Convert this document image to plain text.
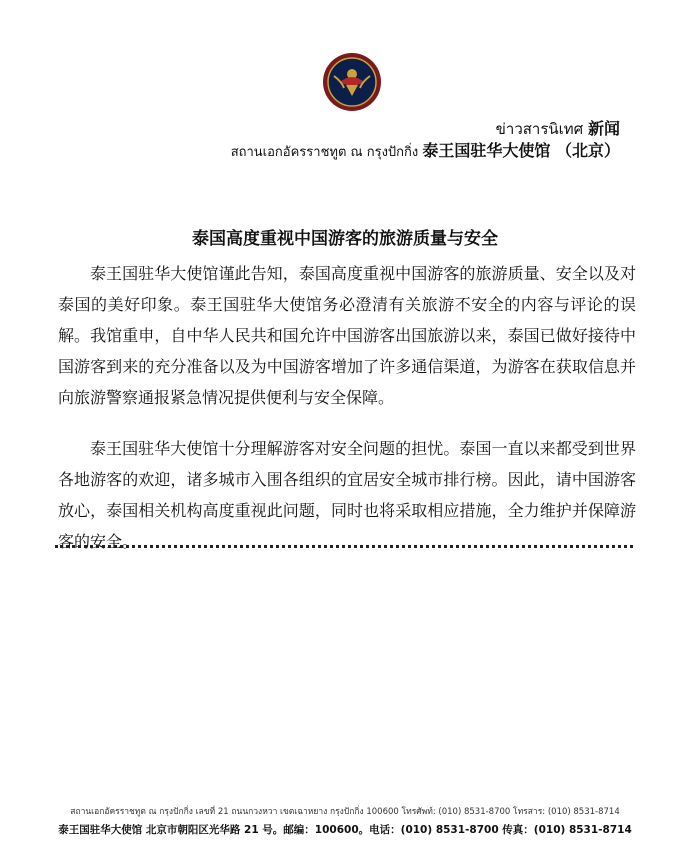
ข่าวสารนิเทศ 新闻
สถานเอกอัครราชทูต ณ กรุงปักกิ่ง 泰王国驻华大使馆 （北京）
泰国高度重视中国游客的旅游质量与安全
泰王国驻华大使馆谨此告知，泰国高度重视中国游客的旅游质量、安全以及对泰国的美好印象。泰王国驻华大使馆务必澄清有关旅游不安全的内容与评论的误解。我馆重申，自中华人民共和国允许中国游客出国旅游以来，泰国已做好接待中国游客到来的充分准备以及为中国游客增加了许多通信渠道，为游客在获取信息并向旅游警察通报紧急情况提供便利与安全保障。
泰王国驻华大使馆十分理解游客对安全问题的担忧。泰国一直以来都受到世界各地游客的欢迎，诸多城市入围各组织的宜居安全城市排行榜。因此，请中国游客放心，泰国相关机构高度重视此问题，同时也将采取相应措施，全力维护并保障游客的安全。
สถานเอกอัครราชทูต ณ กรุงปักกิ่ง เลขที่ 21 ถนนกวงหวา เขตเฉาหยาง กรุงปักกิ่ง 100600 โทรศัพท์: (010) 8531-8700 โทรสาร: (010) 8531-8714
泰王国驻华大使馆 北京市朝阳区光华路 21 号。邮编：100600。电话：(010) 8531-8700 传真：(010) 8531-8714
